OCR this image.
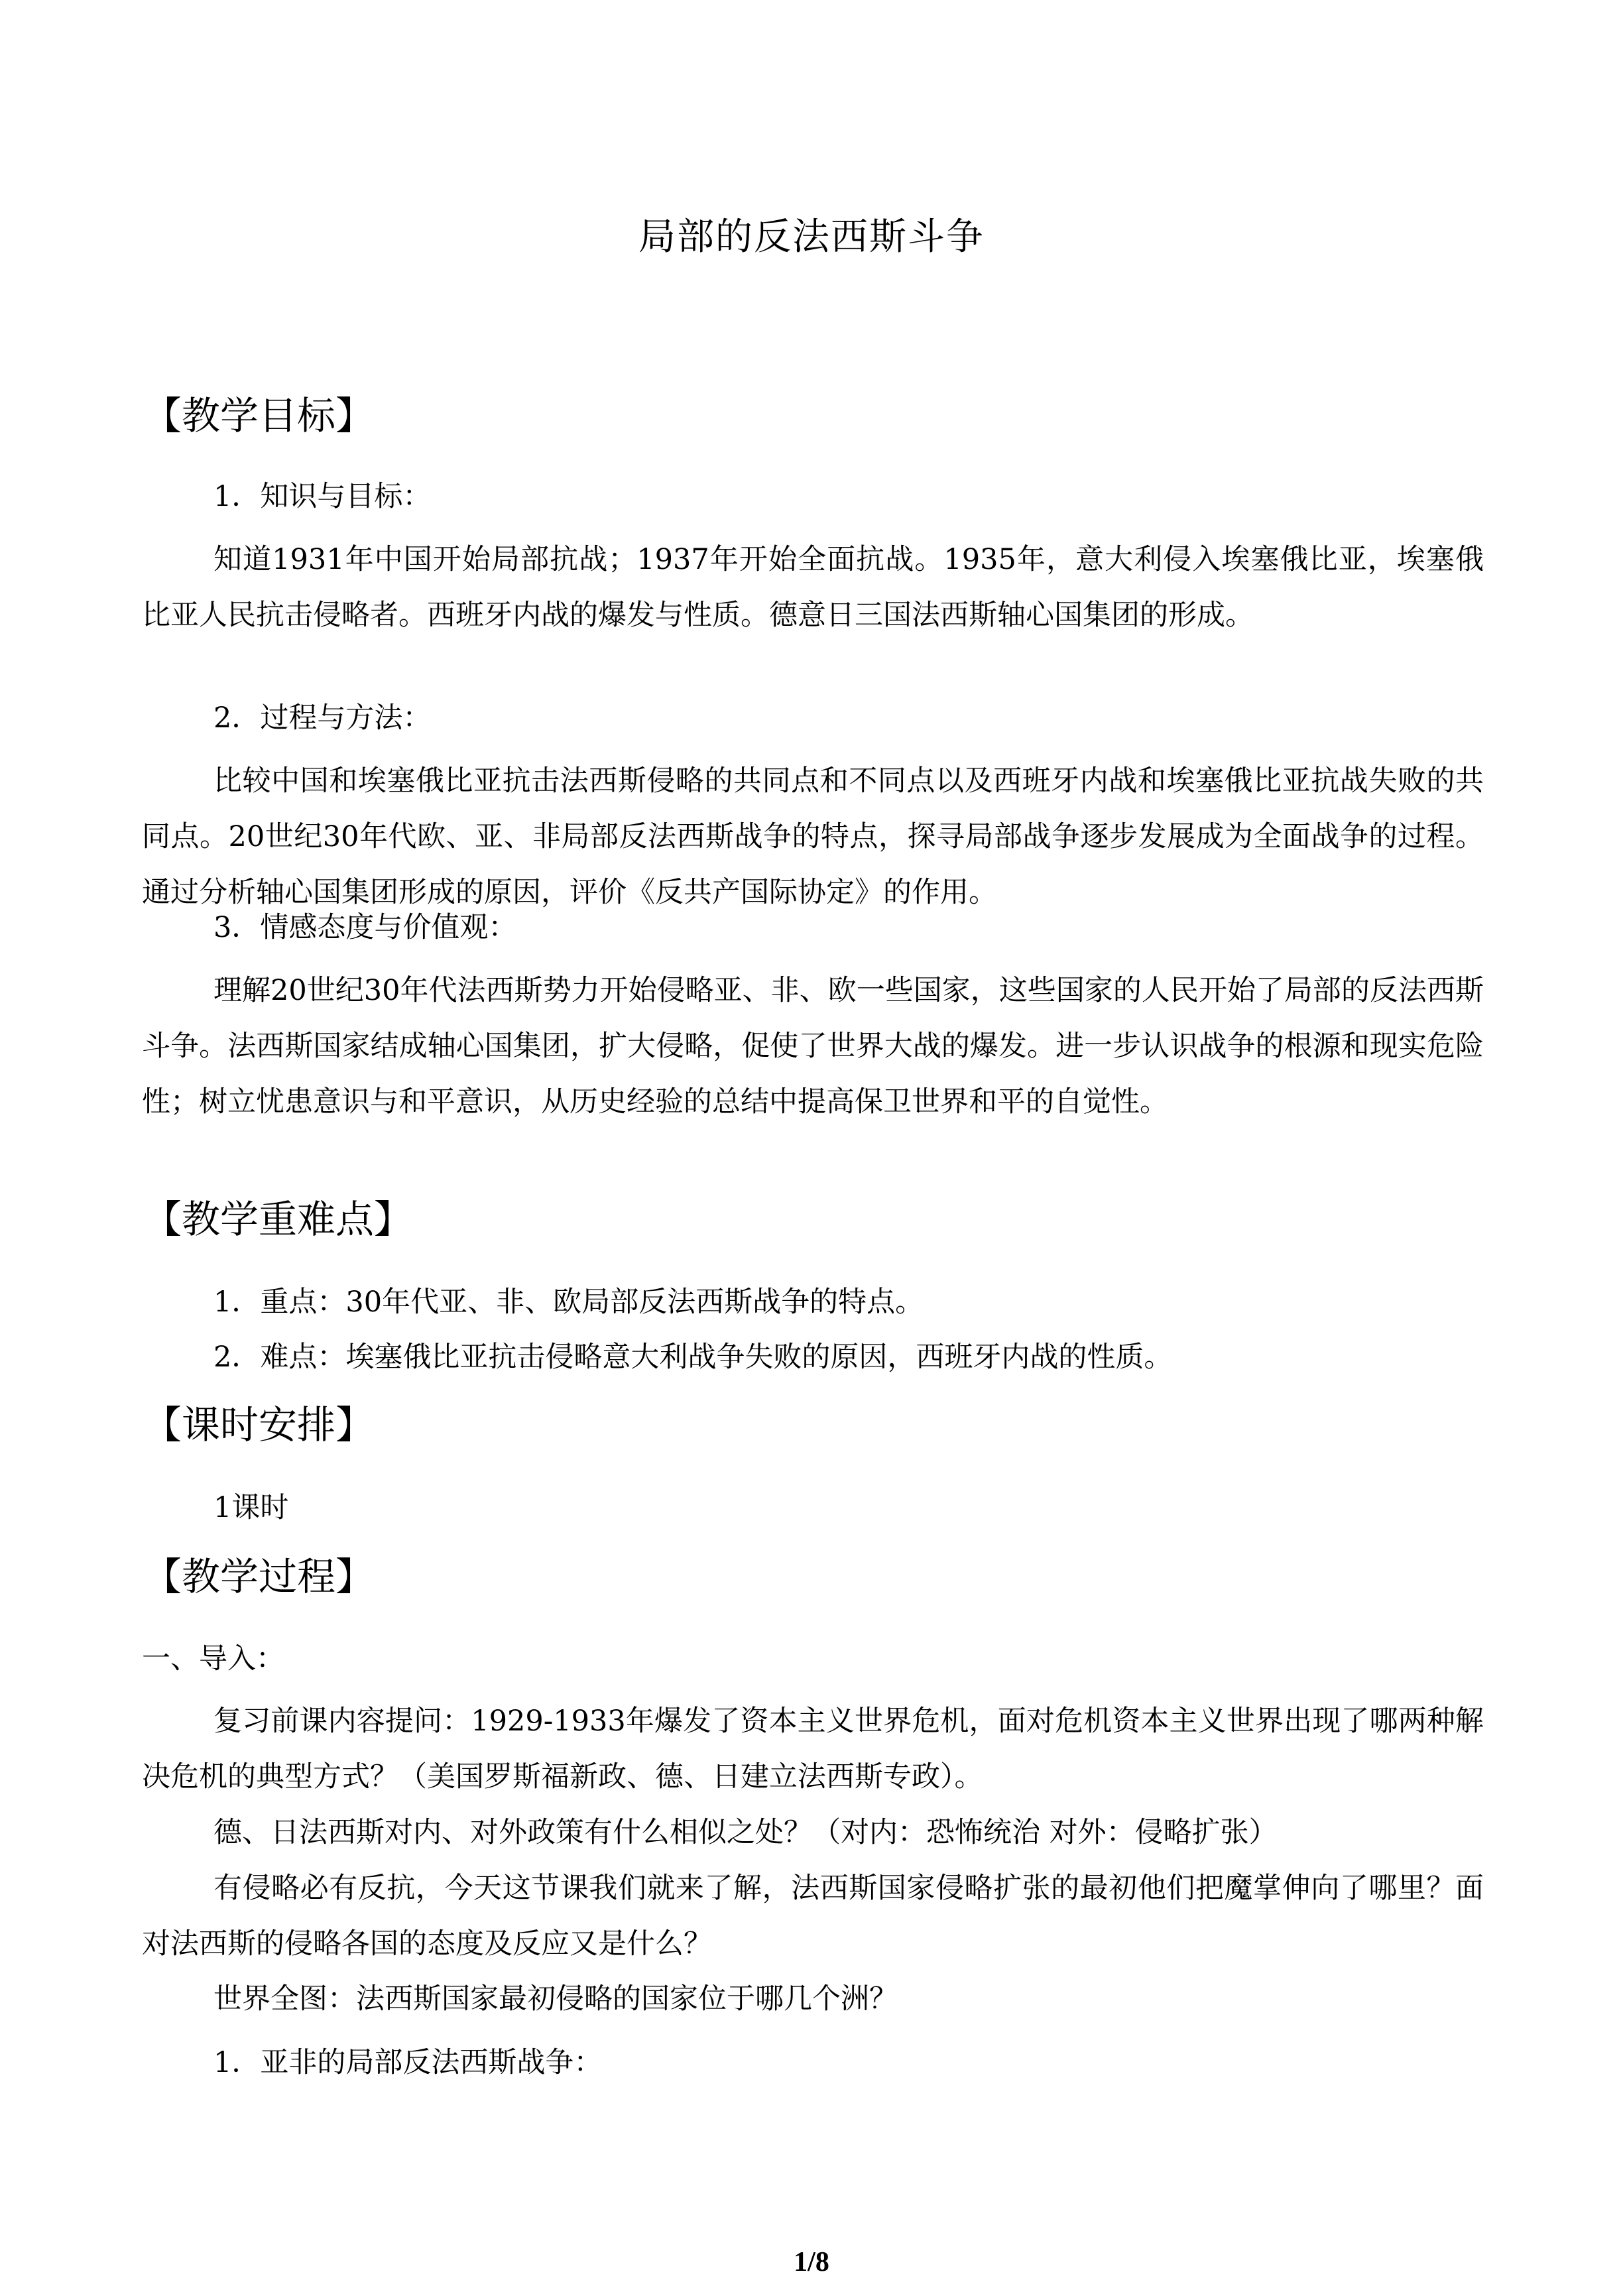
局部的反法西斯斗争
【教学目标】
1．知识与目标：

知道1931年中国开始局部抗战；1937年开始全面抗战。1935年，意大利侵入埃塞俄比亚，埃塞俄比亚人民抗击侵略者。西班牙内战的爆发与性质。德意日三国法西斯轴心国集团的形成。

2．过程与方法：

比较中国和埃塞俄比亚抗击法西斯侵略的共同点和不同点以及西班牙内战和埃塞俄比亚抗战失败的共同点。20世纪30年代欧、亚、非局部反法西斯战争的特点，探寻局部战争逐步发展成为全面战争的过程。通过分析轴心国集团形成的原因，评价《反共产国际协定》的作用。

3．情感态度与价值观：

理解20世纪30年代法西斯势力开始侵略亚、非、欧一些国家，这些国家的人民开始了局部的反法西斯斗争。法西斯国家结成轴心国集团，扩大侵略，促使了世界大战的爆发。进一步认识战争的根源和现实危险性；树立忧患意识与和平意识，从历史经验的总结中提高保卫世界和平的自觉性。

【教学重难点】
1．重点：30年代亚、非、欧局部反法西斯战争的特点。
2．难点：埃塞俄比亚抗击侵略意大利战争失败的原因，西班牙内战的性质。
【课时安排】
1课时
【教学过程】
一、导入：

复习前课内容提问：1929-1933年爆发了资本主义世界危机，面对危机资本主义世界出现了哪两种解决危机的典型方式？（美国罗斯福新政、德、日建立法西斯专政）。

德、日法西斯对内、对外政策有什么相似之处？（对内：恐怖统治 对外：侵略扩张）

有侵略必有反抗，今天这节课我们就来了解，法西斯国家侵略扩张的最初他们把魔掌伸向了哪里？面对法西斯的侵略各国的态度及反应又是什么？

世界全图：法西斯国家最初侵略的国家位于哪几个洲？

1．亚非的局部反法西斯战争：
1/8
